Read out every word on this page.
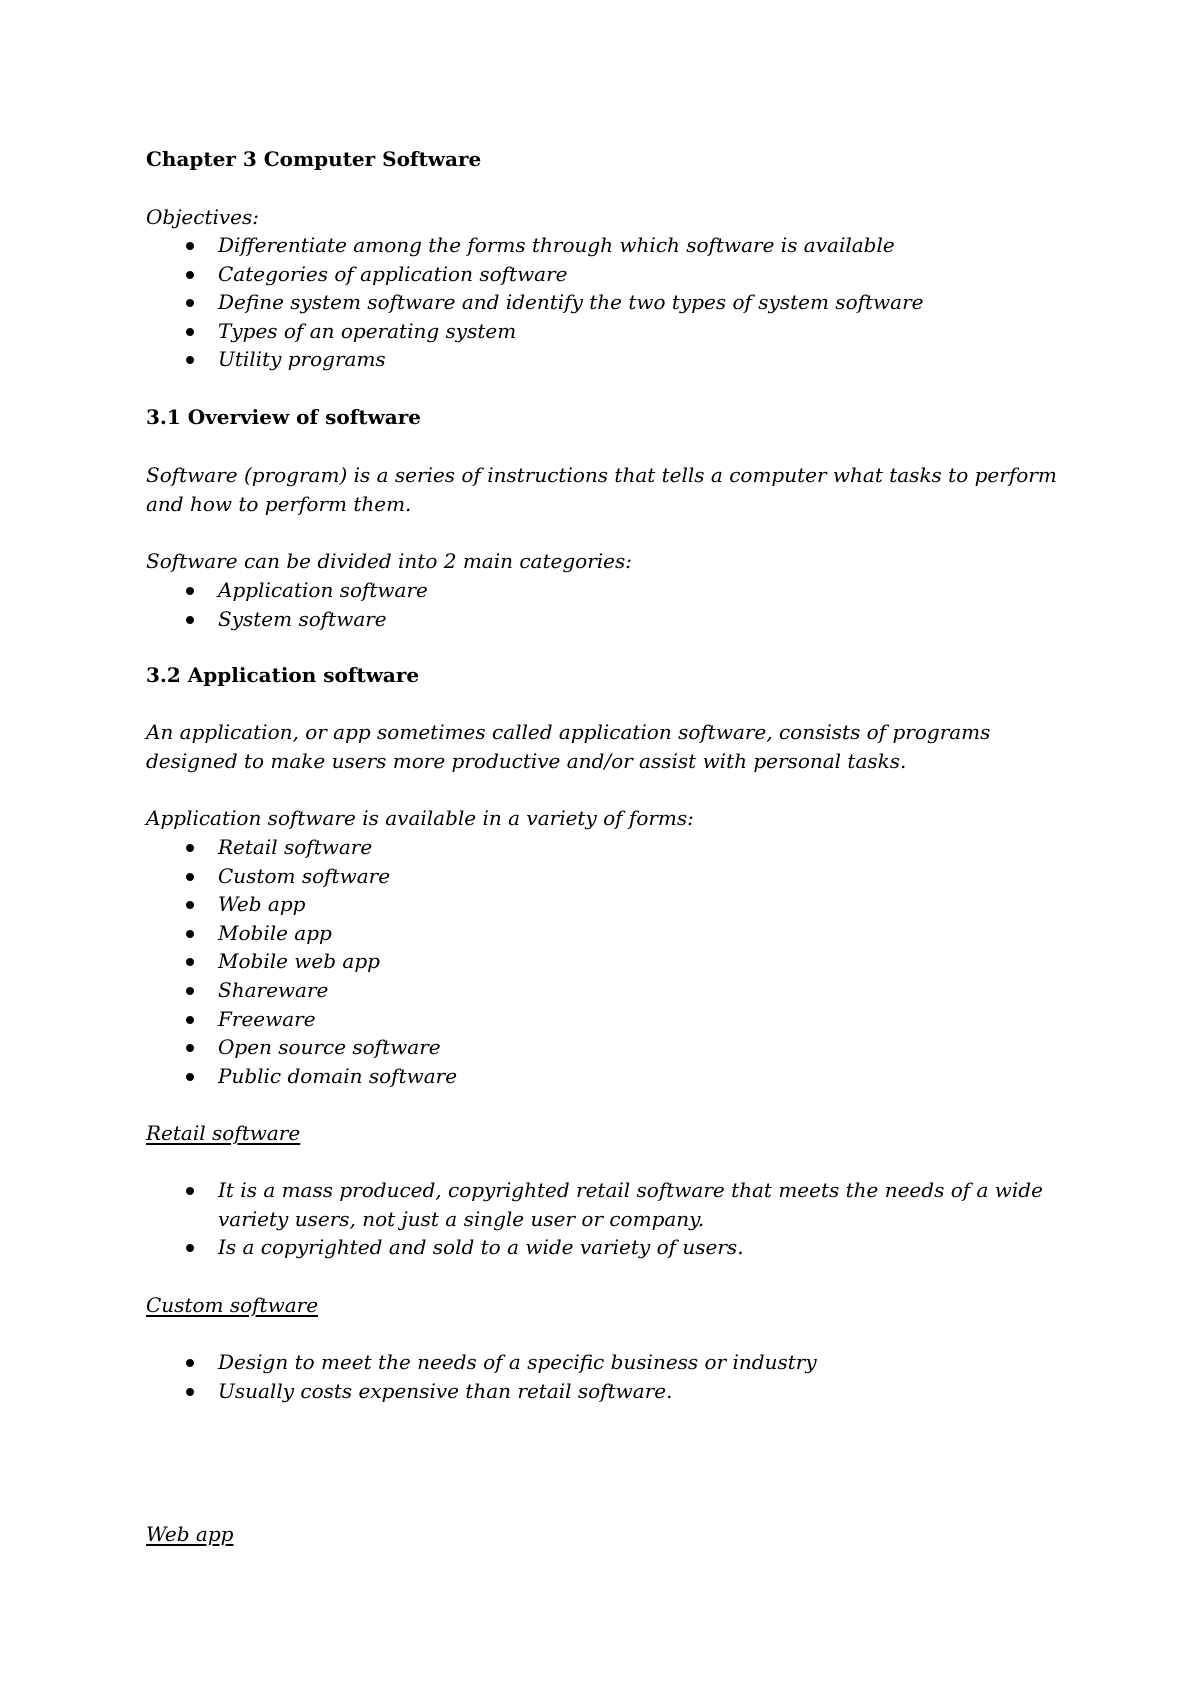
Chapter 3 Computer Software

Objectives:

Differentiate among the forms through which software is available
Categories of application software
Define system software and identify the two types of system software
Types of an operating system
Utility programs
3.1 Overview of software

Software (program) is a series of instructions that tells a computer what tasks to perform

and how to perform them.

Software can be divided into 2 main categories:

Application software
System software
3.2 Application software

An application, or app sometimes called application software, consists of programs

designed to make users more productive and/or assist with personal tasks.

Application software is available in a variety of forms:

Retail software
Custom software
Web app
Mobile app
Mobile web app
Shareware
Freeware
Open source software
Public domain software

Retail software

It is a mass produced, copyrighted retail software that meets the needs of a wide variety users, not just a single user or company.
Is a copyrighted and sold to a wide variety of users.

Custom software

Design to meet the needs of a specific business or industry
Usually costs expensive than retail software.

Web app
